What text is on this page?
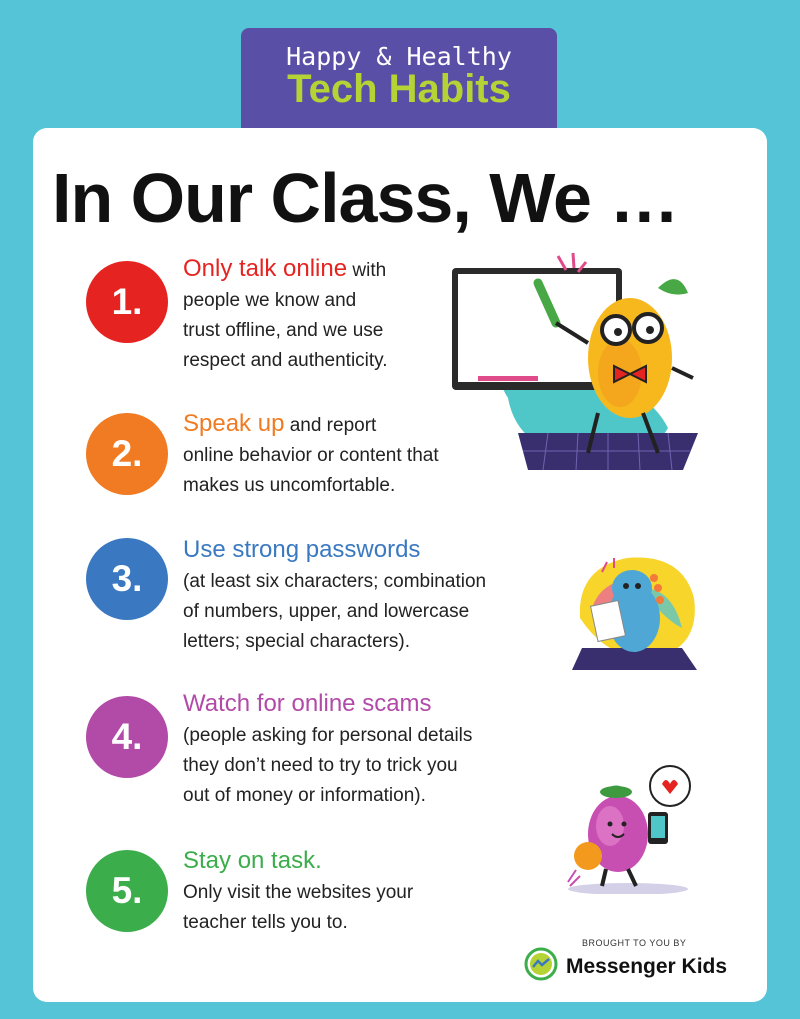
Happy & Healthy
Tech Habits
In Our Class, We …
1.
Only talk online with
people we know and
trust offline, and we use
respect and authenticity.
2.
Speak up and report
online behavior or content that
makes us uncomfortable.
3.
Use strong passwords
(at least six characters; combination
of numbers, upper, and lowercase
letters; special characters).
4.
Watch for online scams
(people asking for personal details
they don’t need to try to trick you
out of money or information).
5.
Stay on task.
Only visit the websites your
teacher tells you to.
BROUGHT TO YOU BY
Messenger Kids
